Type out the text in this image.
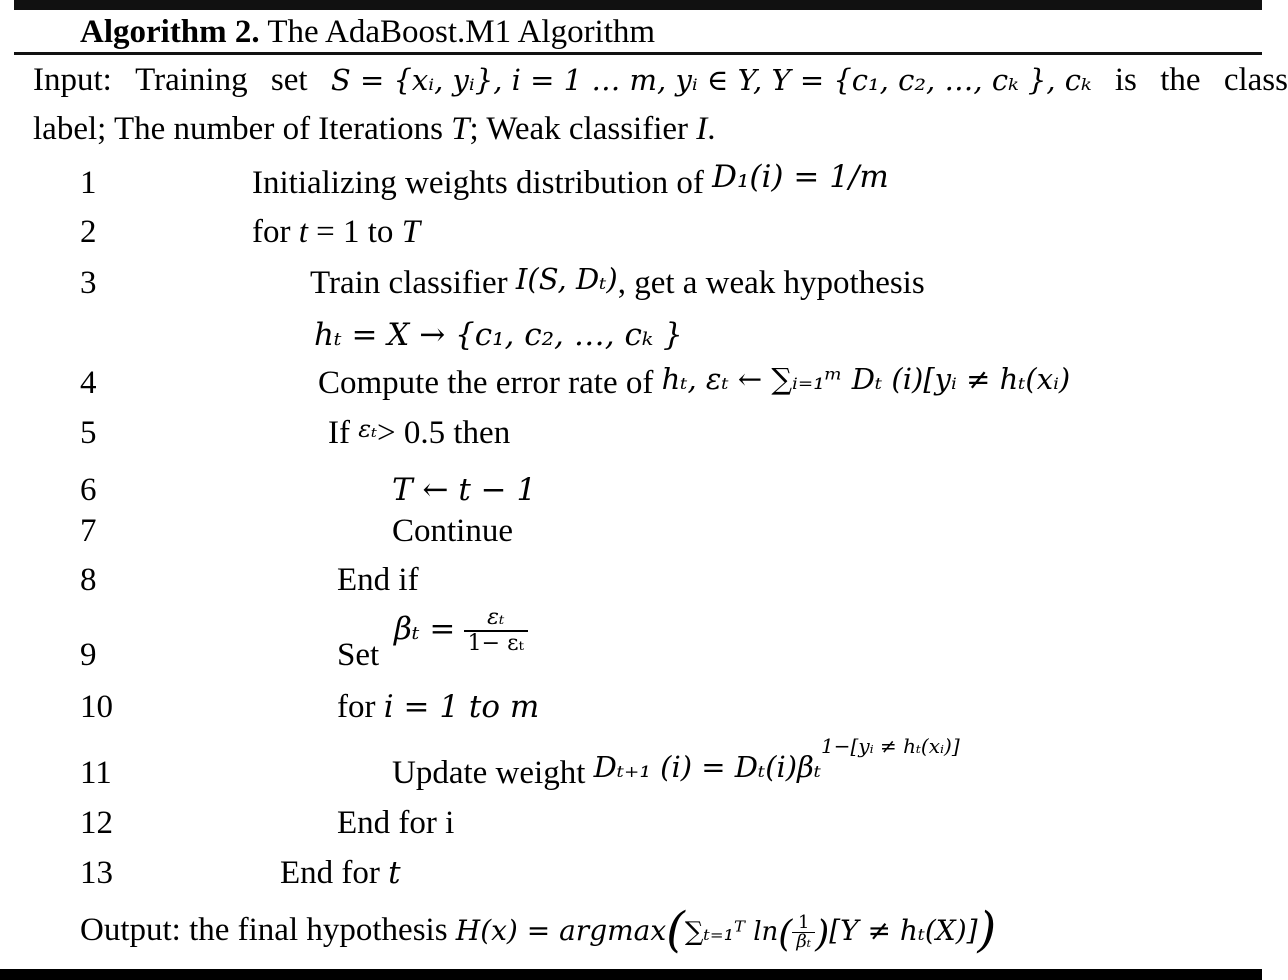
Algorithm 2. The AdaBoost.M1 Algorithm
Input: Training set S = {xᵢ, yᵢ}, i = 1 … m, yᵢ ∈ Y, Y = {c₁, c₂, …, cₖ }, cₖ is the class
label; The number of Iterations T; Weak classifier I.
1	Initializing weights distribution of D₁(i) = 1/m
2	for t = 1 to T
3	Train classifier I(S, Dₜ), get a weak hypothesis
hₜ = X → {c₁, c₂, …, cₖ }
4	Compute the error rate of hₜ, εₜ ← ∑ᵢ₌₁ᵐ Dₜ (i)[yᵢ ≠ hₜ(xᵢ)
5	If εₜ> 0.5 then
6	T ← t − 1
7	Continue
8	End if
9	Set
$\beta_t = \frac{\text{εₜ}}{\text{1− εₜ}}$
10	for i = 1 to m
11	Update weight Dₜ₊₁ (i) = Dₜ(i)βₜ$^{1-[yᵢ \ne h_t(xᵢ)]}$
12	End for i
13	End for t
Output: the final hypothesis H(x) = argmax(∑ₜ₌₁ᵀ $\ln( \frac{1}{\text{βₜ}} )[Y \ne h_t(X)]$)
